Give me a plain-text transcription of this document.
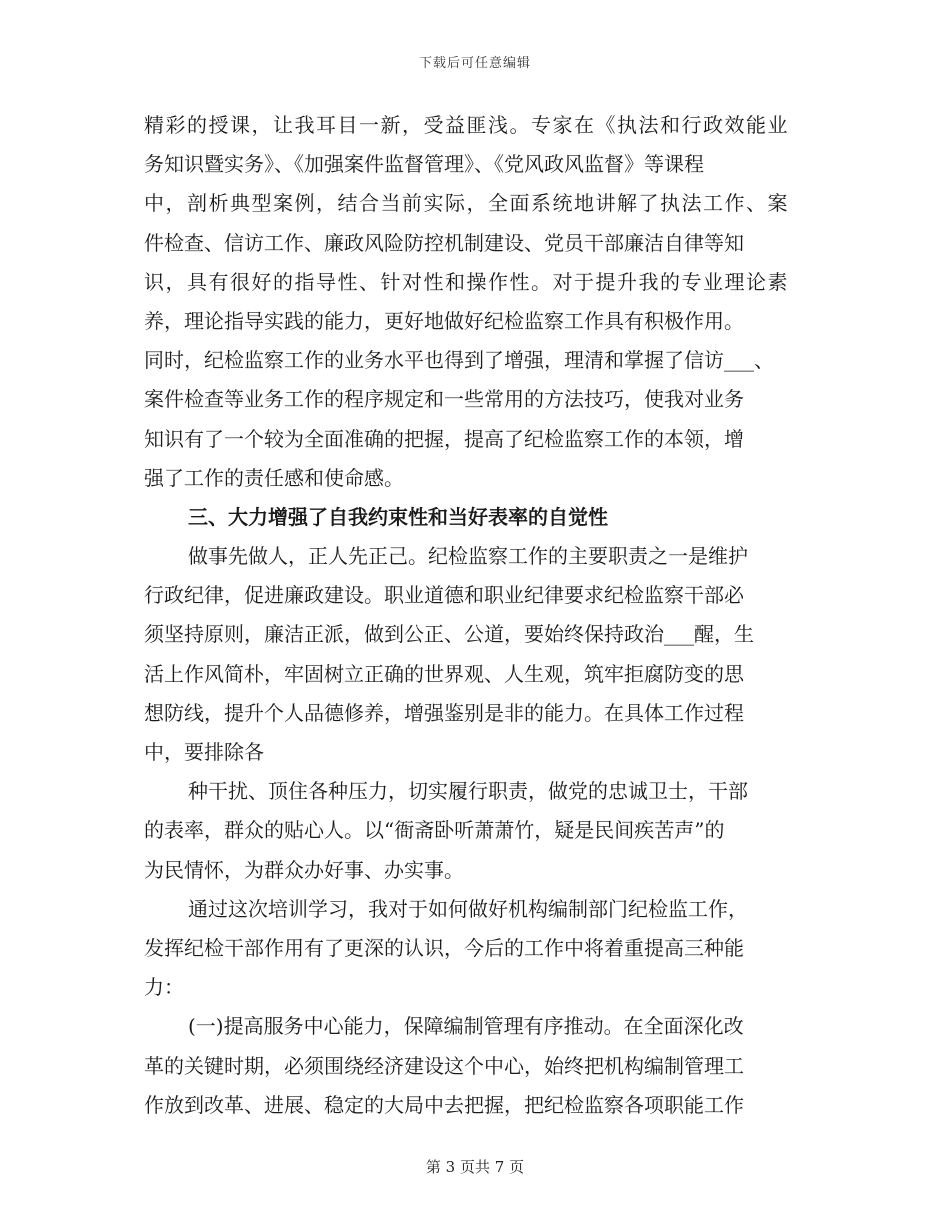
下载后可任意编辑
精彩的授课，让我耳目一新，受益匪浅。专家在《执法和行政效能业
务知识暨实务》、《加强案件监督管理》、《党风政风监督》等课程
中，剖析典型案例，结合当前实际，全面系统地讲解了执法工作、案
件检查、信访工作、廉政风险防控机制建设、党员干部廉洁自律等知
识，具有很好的指导性、针对性和操作性。对于提升我的专业理论素
养，理论指导实践的能力，更好地做好纪检监察工作具有积极作用。
同时，纪检监察工作的业务水平也得到了增强，理清和掌握了信访___、
案件检查等业务工作的程序规定和一些常用的方法技巧，使我对业务
知识有了一个较为全面准确的把握，提高了纪检监察工作的本领，增
强了工作的责任感和使命感。
三、大力增强了自我约束性和当好表率的自觉性
做事先做人，正人先正己。纪检监察工作的主要职责之一是维护
行政纪律，促进廉政建设。职业道德和职业纪律要求纪检监察干部必
须坚持原则，廉洁正派，做到公正、公道，要始终保持政治___醒，生
活上作风简朴，牢固树立正确的世界观、人生观，筑牢拒腐防变的思
想防线，提升个人品德修养，增强鉴别是非的能力。在具体工作过程
中，要排除各
种干扰、顶住各种压力，切实履行职责，做党的忠诚卫士，干部
的表率，群众的贴心人。以“衙斋卧听萧萧竹，疑是民间疾苦声”的
为民情怀，为群众办好事、办实事。
通过这次培训学习，我对于如何做好机构编制部门纪检监工作，
发挥纪检干部作用有了更深的认识，今后的工作中将着重提高三种能
力：
(一)提高服务中心能力，保障编制管理有序推动。在全面深化改
革的关键时期，必须围绕经济建设这个中心，始终把机构编制管理工
作放到改革、进展、稳定的大局中去把握，把纪检监察各项职能工作
第 3 页共 7 页
